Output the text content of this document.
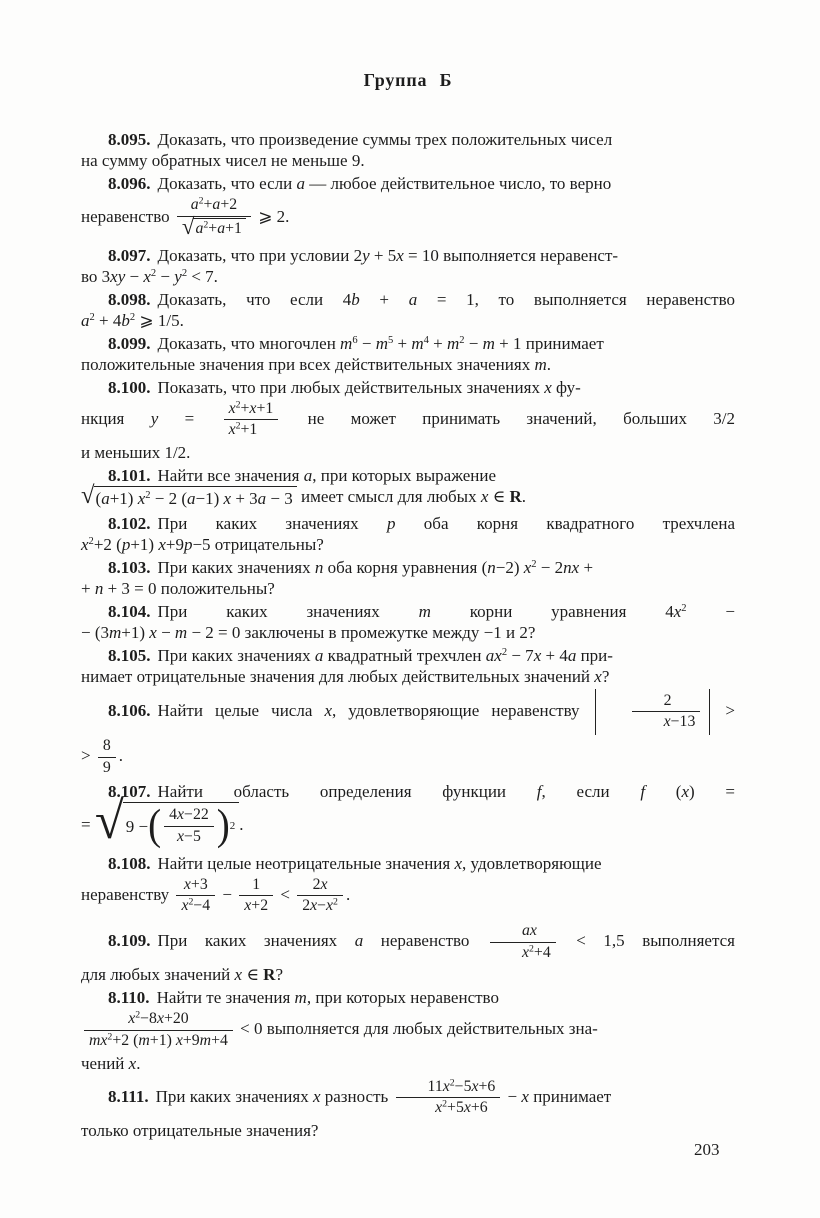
Группа Б

8.095. Доказать, что произведение суммы трех положительных чисел
на сумму обратных чисел не меньше 9.

8.096. Доказать, что если a — любое действительное число, то верно
неравенство $\frac{a^2+a+2}{√ a^2+a+1}$ ⩾ 2.

8.097. Доказать, что при условии 2y + 5x = 10 выполняется неравенст-
во $3xy - x^2 - y^2 < 7$.

8.098. Доказать, что если 4b + a = 1, то выполняется неравенство
$a^2 + 4b^2$ ⩾ 1/5.

8.099. Доказать, что многочлен $m^6 - m^5 + m^4 + m^2 - m + 1$ принимает
положительные значения при всех действительных значениях m.

8.100. Показать, что при любых действительных значениях x фу-
нкция $y = \frac{x^2+x+1}{x^2+1}$ не может принимать значений, больших 3/2
и меньших 1/2.

8.101. Найти все значения a, при которых выражение
√ (a+1) $x^2 - 2$ (a−1) x + 3a − 3 имеет смысл для любых x ∈ R.

8.102. При каких значениях p оба корня квадратного трехчлена
$x^2+2$ (p+1) x+9p−5 отрицательны?

8.103. При каких значениях n оба корня уравнения (n−2) $x^2 - 2nx$ +
+ n + 3 = 0 положительны?

8.104. При каких значениях m корни уравнения $4x^2$ −
− (3m+1) x − m − 2 = 0 заключены в промежутке между −1 и 2?

8.105. При каких значениях a квадратный трехчлен $ax^2 - 7x + 4a$ при-
нимает отрицательные значения для любых действительных значений x?

8.106. Найти целые числа x, удовлетворяющие неравенству	$\frac{2}{x-13}$ >
> $\frac{8}{9}$ .

8.107. Найти область определения функции f, если f (x) =
= √ 9 − ( $\frac{4x-22}{x-5}$ ) 2 .

8.108. Найти целые неотрицательные значения x, удовлетворяющие
неравенству $\frac{x+3}{x^2-4} - \frac{1}{x+2} < \frac{2x}{2x-x^2}$ .

8.109. При каких значениях a неравенство $\frac{ax}{x^2+4} < 1,5$ выполняется
для любых значений x ∈ R?

8.110. Найти те значения m, при которых неравенство
$\frac{x^2-8x+20}{mx^2+2 (m+1) x+9m+4} < 0$ выполняется для любых действительных зна-
чений x.

8.111. При каких значениях x разность $\frac{11x^2-5x+6}{x^2+5x+6} - x$ принимает
только отрицательные значения?

203
